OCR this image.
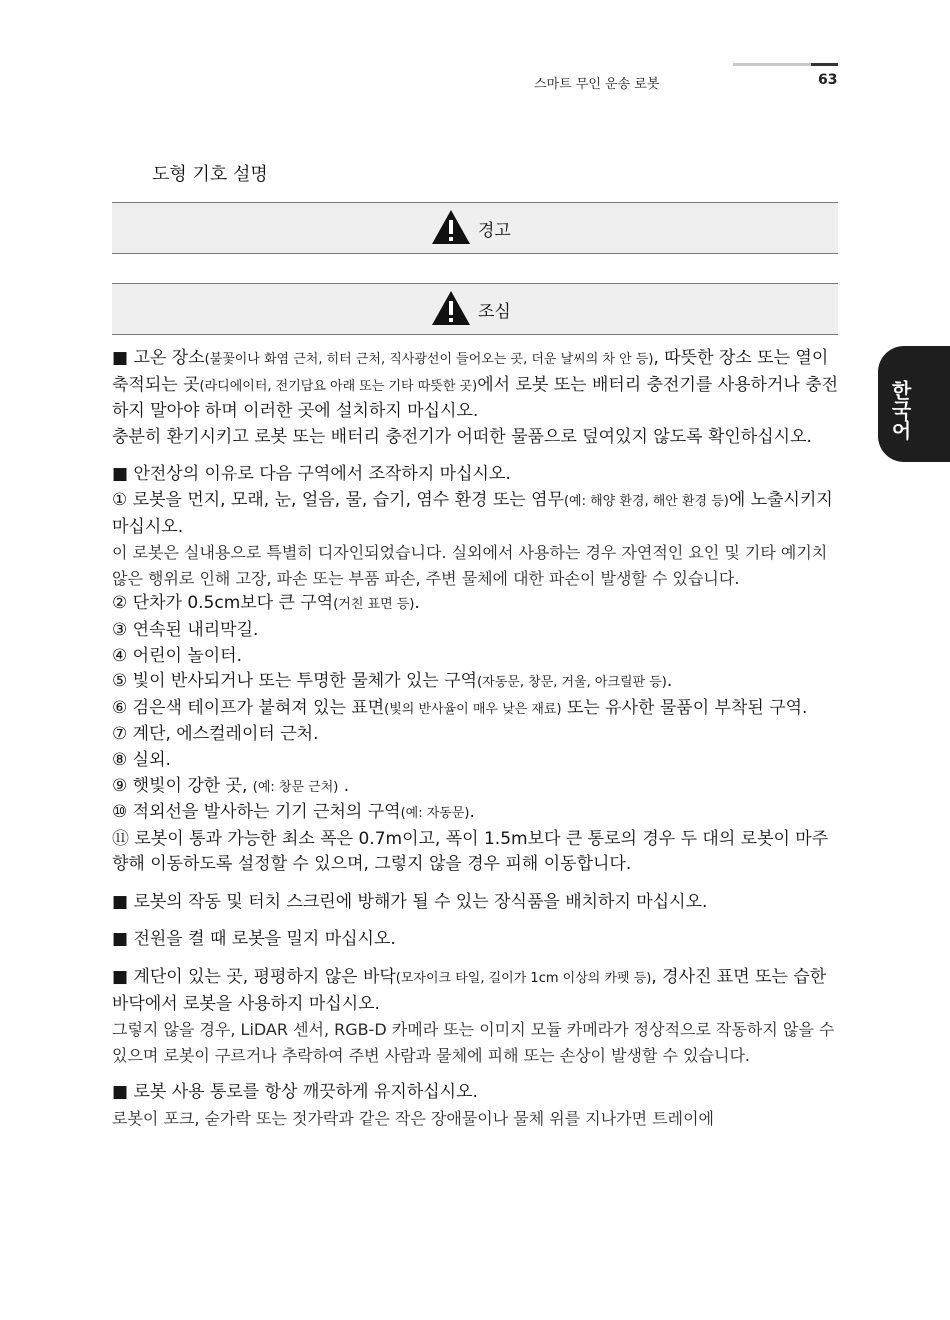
스마트 무인 운송 로봇	63
한국어
도형 기호 설명
경고
조심

■ 고온 장소(불꽃이나 화염 근처, 히터 근처, 직사광선이 들어오는 곳, 더운 날씨의 차 안 등), 따뜻한 장소 또는 열이 축적되는 곳(라디에이터, 전기담요 아래 또는 기타 따뜻한 곳)에서 로봇 또는 배터리 충전기를 사용하거나 충전하지 말아야 하며 이러한 곳에 설치하지 마십시오.

충분히 환기시키고 로봇 또는 배터리 충전기가 어떠한 물품으로 덮여있지 않도록 확인하십시오.

■ 안전상의 이유로 다음 구역에서 조작하지 마십시오.

① 로봇을 먼지, 모래, 눈, 얼음, 물, 습기, 염수 환경 또는 염무(예: 해양 환경, 해안 환경 등)에 노출시키지 마십시오.

이 로봇은 실내용으로 특별히 디자인되었습니다. 실외에서 사용하는 경우 자연적인 요인 및 기타 예기치 않은 행위로 인해 고장, 파손 또는 부품 파손, 주변 물체에 대한 파손이 발생할 수 있습니다.

② 단차가 0.5cm보다 큰 구역(거친 표면 등).

③ 연속된 내리막길.

④ 어린이 놀이터.

⑤ 빛이 반사되거나 또는 투명한 물체가 있는 구역(자동문, 창문, 거울, 아크릴판 등).

⑥ 검은색 테이프가 붙혀져 있는 표면(빛의 반사율이 매우 낮은 재료) 또는 유사한 물품이 부착된 구역.

⑦ 계단, 에스컬레이터 근처.

⑧ 실외.

⑨ 햇빛이 강한 곳, (예: 창문 근처) .

⑩ 적외선을 발사하는 기기 근처의 구역(예: 자동문).

⑪ 로봇이 통과 가능한 최소 폭은 0.7m이고, 폭이 1.5m보다 큰 통로의 경우 두 대의 로봇이 마주 향해 이동하도록 설정할 수 있으며, 그렇지 않을 경우 피해 이동합니다.

■ 로봇의 작동 및 터치 스크린에 방해가 될 수 있는 장식품을 배치하지 마십시오.

■ 전원을 켤 때 로봇을 밀지 마십시오.

■ 계단이 있는 곳, 평평하지 않은 바닥(모자이크 타일, 길이가 1cm 이상의 카펫 등), 경사진 표면 또는 습한 바닥에서 로봇을 사용하지 마십시오.

그렇지 않을 경우, LiDAR 센서, RGB-D 카메라 또는 이미지 모듈 카메라가 정상적으로 작동하지 않을 수 있으며 로봇이 구르거나 추락하여 주변 사람과 물체에 피해 또는 손상이 발생할 수 있습니다.

■ 로봇 사용 통로를 항상 깨끗하게 유지하십시오.

로봇이 포크, 숟가락 또는 젓가락과 같은 작은 장애물이나 물체 위를 지나가면 트레이에
